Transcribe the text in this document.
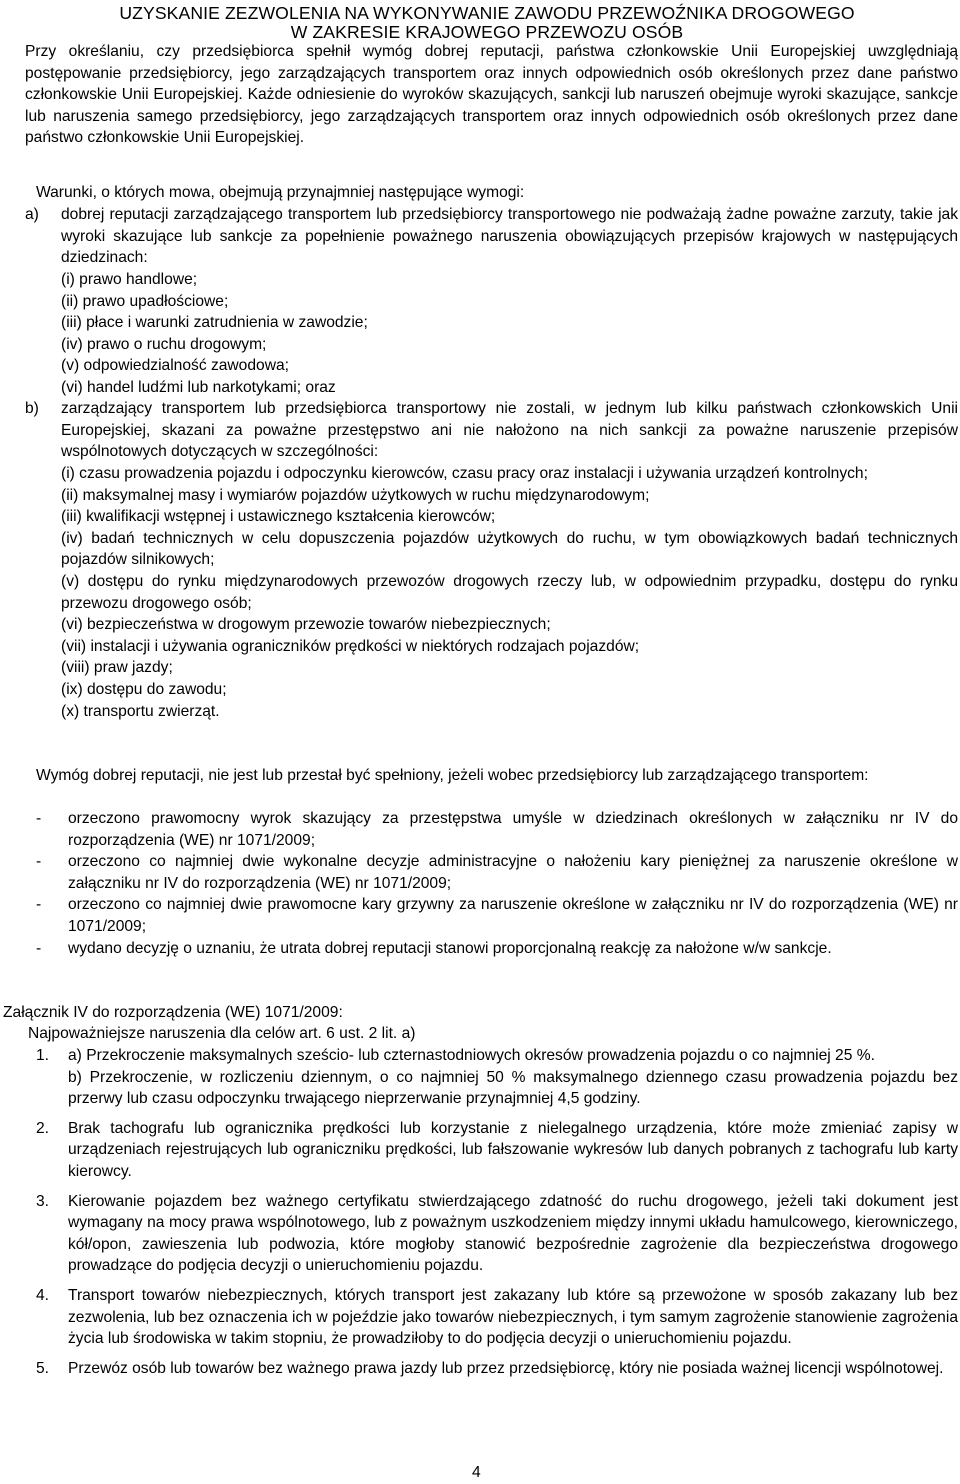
UZYSKANIE ZEZWOLENIA NA WYKONYWANIE ZAWODU PRZEWOŹNIKA DROGOWEGO
W ZAKRESIE KRAJOWEGO PRZEWOZU OSÓB

Przy określaniu, czy przedsiębiorca spełnił wymóg dobrej reputacji, państwa członkowskie Unii Europejskiej uwzględniają postępowanie przedsiębiorcy, jego zarządzających transportem oraz innych odpowiednich osób określonych przez dane państwo członkowskie Unii Europejskiej. Każde odniesienie do wyroków skazujących, sankcji lub naruszeń obejmuje wyroki skazujące, sankcje lub naruszenia samego przedsiębiorcy, jego zarządzających transportem oraz innych odpowiednich osób określonych przez dane państwo członkowskie Unii Europejskiej.

Warunki, o których mowa, obejmują przynajmniej następujące wymogi:

a)	dobrej reputacji zarządzającego transportem lub przedsiębiorcy transportowego nie podważają żadne poważne zarzuty, takie jak wyroki skazujące lub sankcje za popełnienie poważnego naruszenia obowiązujących przepisów krajowych w następujących dziedzinach:
(i) prawo handlowe;
(ii) prawo upadłościowe;
(iii) płace i warunki zatrudnienia w zawodzie;
(iv) prawo o ruchu drogowym;
(v) odpowiedzialność zawodowa;
(vi) handel ludźmi lub narkotykami; oraz
b)	zarządzający transportem lub przedsiębiorca transportowy nie zostali, w jednym lub kilku państwach członkowskich Unii Europejskiej, skazani za poważne przestępstwo ani nie nałożono na nich sankcji za poważne naruszenie przepisów wspólnotowych dotyczących w szczególności:
(i) czasu prowadzenia pojazdu i odpoczynku kierowców, czasu pracy oraz instalacji i używania urządzeń kontrolnych;
(ii) maksymalnej masy i wymiarów pojazdów użytkowych w ruchu międzynarodowym;
(iii) kwalifikacji wstępnej i ustawicznego kształcenia kierowców;
(iv) badań technicznych w celu dopuszczenia pojazdów użytkowych do ruchu, w tym obowiązkowych badań technicznych pojazdów silnikowych;
(v) dostępu do rynku międzynarodowych przewozów drogowych rzeczy lub, w odpowiednim przypadku, dostępu do rynku przewozu drogowego osób;
(vi) bezpieczeństwa w drogowym przewozie towarów niebezpiecznych;
(vii) instalacji i używania ograniczników prędkości w niektórych rodzajach pojazdów;
(viii) praw jazdy;
(ix) dostępu do zawodu;
(x) transportu zwierząt.

Wymóg dobrej reputacji, nie jest lub przestał być spełniony, jeżeli wobec przedsiębiorcy lub zarządzającego transportem:

-	orzeczono prawomocny wyrok skazujący za przestępstwa umyśle w dziedzinach określonych w załączniku nr IV do rozporządzenia (WE) nr 1071/2009;
-	orzeczono co najmniej dwie wykonalne decyzje administracyjne o nałożeniu kary pieniężnej za naruszenie określone w załączniku nr IV do rozporządzenia (WE) nr 1071/2009;
-	orzeczono co najmniej dwie prawomocne kary grzywny za naruszenie określone w załączniku nr IV do rozporządzenia (WE) nr 1071/2009;
-	wydano decyzję o uznaniu, że utrata dobrej reputacji stanowi proporcjonalną reakcję za nałożone w/w sankcje.

Załącznik IV do rozporządzenia (WE) 1071/2009:

Najpoważniejsze naruszenia dla celów art. 6 ust. 2 lit. a)

1.	a) Przekroczenie maksymalnych sześcio- lub czternastodniowych okresów prowadzenia pojazdu o co najmniej 25 %.
b) Przekroczenie, w rozliczeniu dziennym, o co najmniej 50 % maksymalnego dziennego czasu prowadzenia pojazdu bez przerwy lub czasu odpoczynku trwającego nieprzerwanie przynajmniej 4,5 godziny.
2.	Brak tachografu lub ogranicznika prędkości lub korzystanie z nielegalnego urządzenia, które może zmieniać zapisy w urządzeniach rejestrujących lub ograniczniku prędkości, lub fałszowanie wykresów lub danych pobranych z tachografu lub karty kierowcy.
3.	Kierowanie pojazdem bez ważnego certyfikatu stwierdzającego zdatność do ruchu drogowego, jeżeli taki dokument jest wymagany na mocy prawa wspólnotowego, lub z poważnym uszkodzeniem między innymi układu hamulcowego, kierowniczego, kół/opon, zawieszenia lub podwozia, które mogłoby stanowić bezpośrednie zagrożenie dla bezpieczeństwa drogowego prowadzące do podjęcia decyzji o unieruchomieniu pojazdu.
4.	Transport towarów niebezpiecznych, których transport jest zakazany lub które są przewożone w sposób zakazany lub bez zezwolenia, lub bez oznaczenia ich w pojeździe jako towarów niebezpiecznych, i tym samym zagrożenie stanowienie zagrożenia życia lub środowiska w takim stopniu, że prowadziłoby to do podjęcia decyzji o unieruchomieniu pojazdu.
5.	Przewóz osób lub towarów bez ważnego prawa jazdy lub przez przedsiębiorcę, który nie posiada ważnej licencji wspólnotowej.
4
